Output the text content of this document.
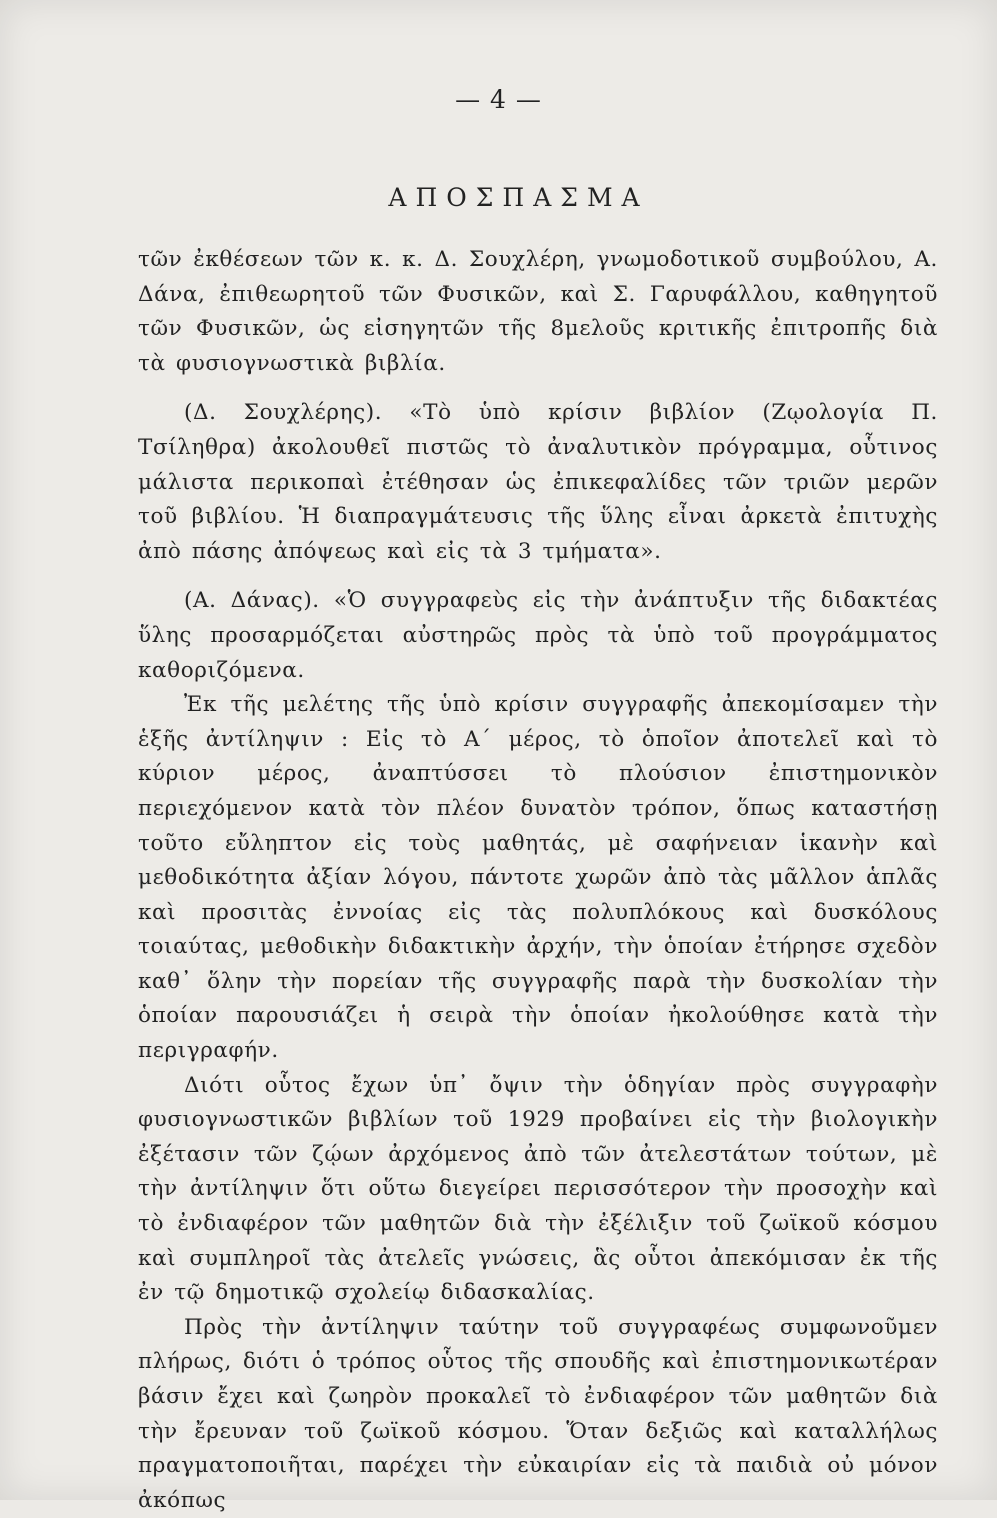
— 4 —
ΑΠΟΣΠΑΣΜΑ

τῶν ἐκθέσεων τῶν κ. κ. Δ. Σουχλέρη, γνωμοδοτικοῦ συμβούλου, Α. Δάνα, ἐπιθεωρητοῦ τῶν Φυσικῶν, καὶ Σ. Γαρυφάλλου, καθηγητοῦ τῶν Φυσικῶν, ὡς εἰσηγητῶν τῆς 8μελοῦς κριτικῆς ἐπιτροπῆς διὰ τὰ φυσιογνωστικὰ βιβλία.

(Δ. Σουχλέρης). «Τὸ ὑπὸ κρίσιν βιβλίον (Ζῳολογία Π. Τσίληθρα) ἀκολουθεῖ πιστῶς τὸ ἀναλυτικὸν πρόγραμμα, οὗτινος μάλιστα περικοπαὶ ἐτέθησαν ὡς ἐπικεφαλίδες τῶν τριῶν μερῶν τοῦ βιβλίου. Ἡ διαπραγμάτευσις τῆς ὕλης εἶναι ἀρκετὰ ἐπιτυχὴς ἀπὸ πάσης ἀπόψεως καὶ εἰς τὰ 3 τμήματα».

(Α. Δάνας). «Ὁ συγγραφεὺς εἰς τὴν ἀνάπτυξιν τῆς διδακτέας ὕλης προσαρμόζεται αὐστηρῶς πρὸς τὰ ὑπὸ τοῦ προγράμματος καθοριζόμενα.

Ἐκ τῆς μελέτης τῆς ὑπὸ κρίσιν συγγραφῆς ἀπεκομίσαμεν τὴν ἑξῆς ἀντίληψιν : Εἰς τὸ Α΄ μέρος, τὸ ὁποῖον ἀποτελεῖ καὶ τὸ κύριον μέρος, ἀναπτύσσει τὸ πλούσιον ἐπιστημονικὸν περιεχόμενον κατὰ τὸν πλέον δυνατὸν τρόπον, ὅπως καταστήσῃ τοῦτο εὔληπτον εἰς τοὺς μαθητάς, μὲ σαφήνειαν ἱκανὴν καὶ μεθοδικότητα ἀξίαν λόγου, πάντοτε χωρῶν ἀπὸ τὰς μᾶλλον ἁπλᾶς καὶ προσιτὰς ἐννοίας εἰς τὰς πολυπλόκους καὶ δυσκόλους τοιαύτας, μεθοδικὴν διδακτικὴν ἀρχήν, τὴν ὁποίαν ἐτήρησε σχεδὸν καθ᾽ ὅλην τὴν πορείαν τῆς συγγραφῆς παρὰ τὴν δυσκολίαν τὴν ὁποίαν παρουσιάζει ἡ σειρὰ τὴν ὁποίαν ἠκολούθησε κατὰ τὴν περιγραφήν.

Διότι οὗτος ἔχων ὑπ᾽ ὄψιν τὴν ὁδηγίαν πρὸς συγγραφὴν φυσιογνωστικῶν βιβλίων τοῦ 1929 προβαίνει εἰς τὴν βιολογικὴν ἐξέτασιν τῶν ζῴων ἀρχόμενος ἀπὸ τῶν ἀτελεστάτων τούτων, μὲ τὴν ἀντίληψιν ὅτι οὕτω διεγείρει περισσότερον τὴν προσοχὴν καὶ τὸ ἐνδιαφέρον τῶν μαθητῶν διὰ τὴν ἐξέλιξιν τοῦ ζωϊκοῦ κόσμου καὶ συμπληροῖ τὰς ἀτελεῖς γνώσεις, ἃς οὗτοι ἀπεκόμισαν ἐκ τῆς ἐν τῷ δημοτικῷ σχολείῳ διδασκαλίας.

Πρὸς τὴν ἀντίληψιν ταύτην τοῦ συγγραφέως συμφωνοῦμεν πλήρως, διότι ὁ τρόπος οὗτος τῆς σπουδῆς καὶ ἐπιστημονικωτέραν βάσιν ἔχει καὶ ζωηρὸν προκαλεῖ τὸ ἐνδιαφέρον τῶν μαθητῶν διὰ τὴν ἔρευναν τοῦ ζωϊκοῦ κόσμου. Ὅταν δεξιῶς καὶ καταλλήλως πραγματοποιῆται, παρέχει τὴν εὐκαιρίαν εἰς τὰ παιδιὰ οὐ μόνον ἀκόπως
